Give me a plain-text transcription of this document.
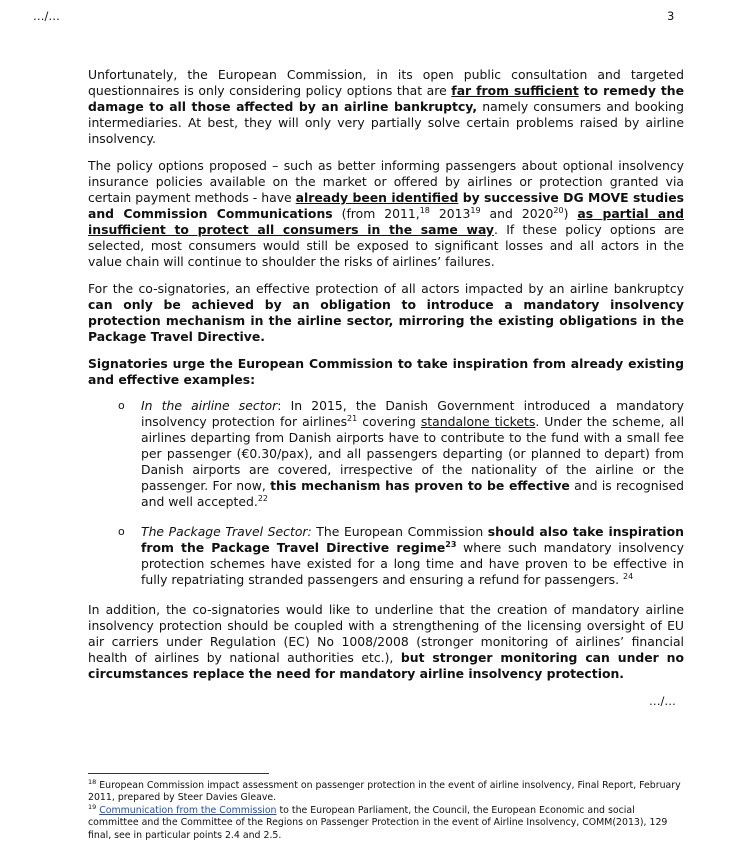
…/…	3

Unfortunately, the European Commission, in its open public consultation and targeted questionnaires is only considering policy options that are far from sufficient to remedy the damage to all those affected by an airline bankruptcy, namely consumers and booking intermediaries. At best, they will only very partially solve certain problems raised by airline insolvency.

The policy options proposed – such as better informing passengers about optional insolvency insurance policies available on the market or offered by airlines or protection granted via certain payment methods - have already been identified by successive DG MOVE studies and Commission Communications (from 2011,18 2013$^{19}$ and 2020$^{20}$) as partial and insufficient to protect all consumers in the same way. If these policy options are selected, most consumers would still be exposed to significant losses and all actors in the value chain will continue to shoulder the risks of airlines’ failures.

For the co-signatories, an effective protection of all actors impacted by an airline bankruptcy can only be achieved by an obligation to introduce a mandatory insolvency protection mechanism in the airline sector, mirroring the existing obligations in the Package Travel Directive.

Signatories urge the European Commission to take inspiration from already existing and effective examples:

o In the airline sector: In 2015, the Danish Government introduced a mandatory insolvency protection for airlines$^{21}$ covering standalone tickets. Under the scheme, all airlines departing from Danish airports have to contribute to the fund with a small fee per passenger (€0.30/pax), and all passengers departing (or planned to depart) from Danish airports are covered, irrespective of the nationality of the airline or the passenger. For now, this mechanism has proven to be effective and is recognised and well accepted.$^{22}$
o The Package Travel Sector: The European Commission should also take inspiration from the Package Travel Directive regime$^{23}$ where such mandatory insolvency protection schemes have existed for a long time and have proven to be effective in fully repatriating stranded passengers and ensuring a refund for passengers. $^{24}$

In addition, the co-signatories would like to underline that the creation of mandatory airline insolvency protection should be coupled with a strengthening of the licensing oversight of EU air carriers under Regulation (EC) No 1008/2008 (stronger monitoring of airlines’ financial health of airlines by national authorities etc.), but stronger monitoring can under no circumstances replace the need for mandatory airline insolvency protection.

…/…

$^{18}$ European Commission impact assessment on passenger protection in the event of airline insolvency, Final Report, February 2011, prepared by Steer Davies Gleave.

$^{19}$ Communication from the Commission to the European Parliament, the Council, the European Economic and social committee and the Committee of the Regions on Passenger Protection in the event of Airline Insolvency, COMM(2013), 129 final, see in particular points 2.4 and 2.5.
